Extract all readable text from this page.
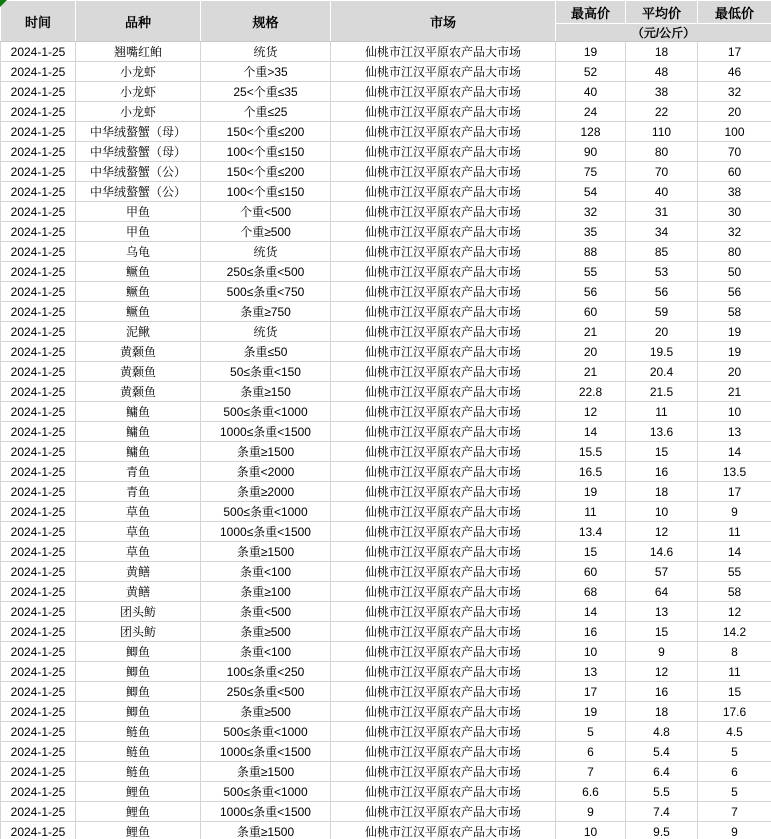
时间	品种	规格	市场	最高价	平均价	最低价
				（元/公斤）		
2024-1-25	翘嘴红鲌	统货	仙桃市江汉平原农产品大市场	19	18	17
2024-1-25	小龙虾	个重>35	仙桃市江汉平原农产品大市场	52	48	46
2024-1-25	小龙虾	25<个重≤35	仙桃市江汉平原农产品大市场	40	38	32
2024-1-25	小龙虾	个重≤25	仙桃市江汉平原农产品大市场	24	22	20
2024-1-25	中华绒螯蟹（母）	150<个重≤200	仙桃市江汉平原农产品大市场	128	110	100
2024-1-25	中华绒螯蟹（母）	100<个重≤150	仙桃市江汉平原农产品大市场	90	80	70
2024-1-25	中华绒螯蟹（公）	150<个重≤200	仙桃市江汉平原农产品大市场	75	70	60
2024-1-25	中华绒螯蟹（公）	100<个重≤150	仙桃市江汉平原农产品大市场	54	40	38
2024-1-25	甲鱼	个重<500	仙桃市江汉平原农产品大市场	32	31	30
2024-1-25	甲鱼	个重≥500	仙桃市江汉平原农产品大市场	35	34	32
2024-1-25	乌龟	统货	仙桃市江汉平原农产品大市场	88	85	80
2024-1-25	鳜鱼	250≤条重<500	仙桃市江汉平原农产品大市场	55	53	50
2024-1-25	鳜鱼	500≤条重<750	仙桃市江汉平原农产品大市场	56	56	56
2024-1-25	鳜鱼	条重≥750	仙桃市江汉平原农产品大市场	60	59	58
2024-1-25	泥鳅	统货	仙桃市江汉平原农产品大市场	21	20	19
2024-1-25	黄颡鱼	条重≤50	仙桃市江汉平原农产品大市场	20	19.5	19
2024-1-25	黄颡鱼	50≤条重<150	仙桃市江汉平原农产品大市场	21	20.4	20
2024-1-25	黄颡鱼	条重≥150	仙桃市江汉平原农产品大市场	22.8	21.5	21
2024-1-25	鳙鱼	500≤条重<1000	仙桃市江汉平原农产品大市场	12	11	10
2024-1-25	鳙鱼	1000≤条重<1500	仙桃市江汉平原农产品大市场	14	13.6	13
2024-1-25	鳙鱼	条重≥1500	仙桃市江汉平原农产品大市场	15.5	15	14
2024-1-25	青鱼	条重<2000	仙桃市江汉平原农产品大市场	16.5	16	13.5
2024-1-25	青鱼	条重≥2000	仙桃市江汉平原农产品大市场	19	18	17
2024-1-25	草鱼	500≤条重<1000	仙桃市江汉平原农产品大市场	11	10	9
2024-1-25	草鱼	1000≤条重<1500	仙桃市江汉平原农产品大市场	13.4	12	11
2024-1-25	草鱼	条重≥1500	仙桃市江汉平原农产品大市场	15	14.6	14
2024-1-25	黄鳝	条重<100	仙桃市江汉平原农产品大市场	60	57	55
2024-1-25	黄鳝	条重≥100	仙桃市江汉平原农产品大市场	68	64	58
2024-1-25	团头鲂	条重<500	仙桃市江汉平原农产品大市场	14	13	12
2024-1-25	团头鲂	条重≥500	仙桃市江汉平原农产品大市场	16	15	14.2
2024-1-25	鲫鱼	条重<100	仙桃市江汉平原农产品大市场	10	9	8
2024-1-25	鲫鱼	100≤条重<250	仙桃市江汉平原农产品大市场	13	12	11
2024-1-25	鲫鱼	250≤条重<500	仙桃市江汉平原农产品大市场	17	16	15
2024-1-25	鲫鱼	条重≥500	仙桃市江汉平原农产品大市场	19	18	17.6
2024-1-25	鲢鱼	500≤条重<1000	仙桃市江汉平原农产品大市场	5	4.8	4.5
2024-1-25	鲢鱼	1000≤条重<1500	仙桃市江汉平原农产品大市场	6	5.4	5
2024-1-25	鲢鱼	条重≥1500	仙桃市江汉平原农产品大市场	7	6.4	6
2024-1-25	鲤鱼	500≤条重<1000	仙桃市江汉平原农产品大市场	6.6	5.5	5
2024-1-25	鲤鱼	1000≤条重<1500	仙桃市江汉平原农产品大市场	9	7.4	7
2024-1-25	鲤鱼	条重≥1500	仙桃市江汉平原农产品大市场	10	9.5	9
